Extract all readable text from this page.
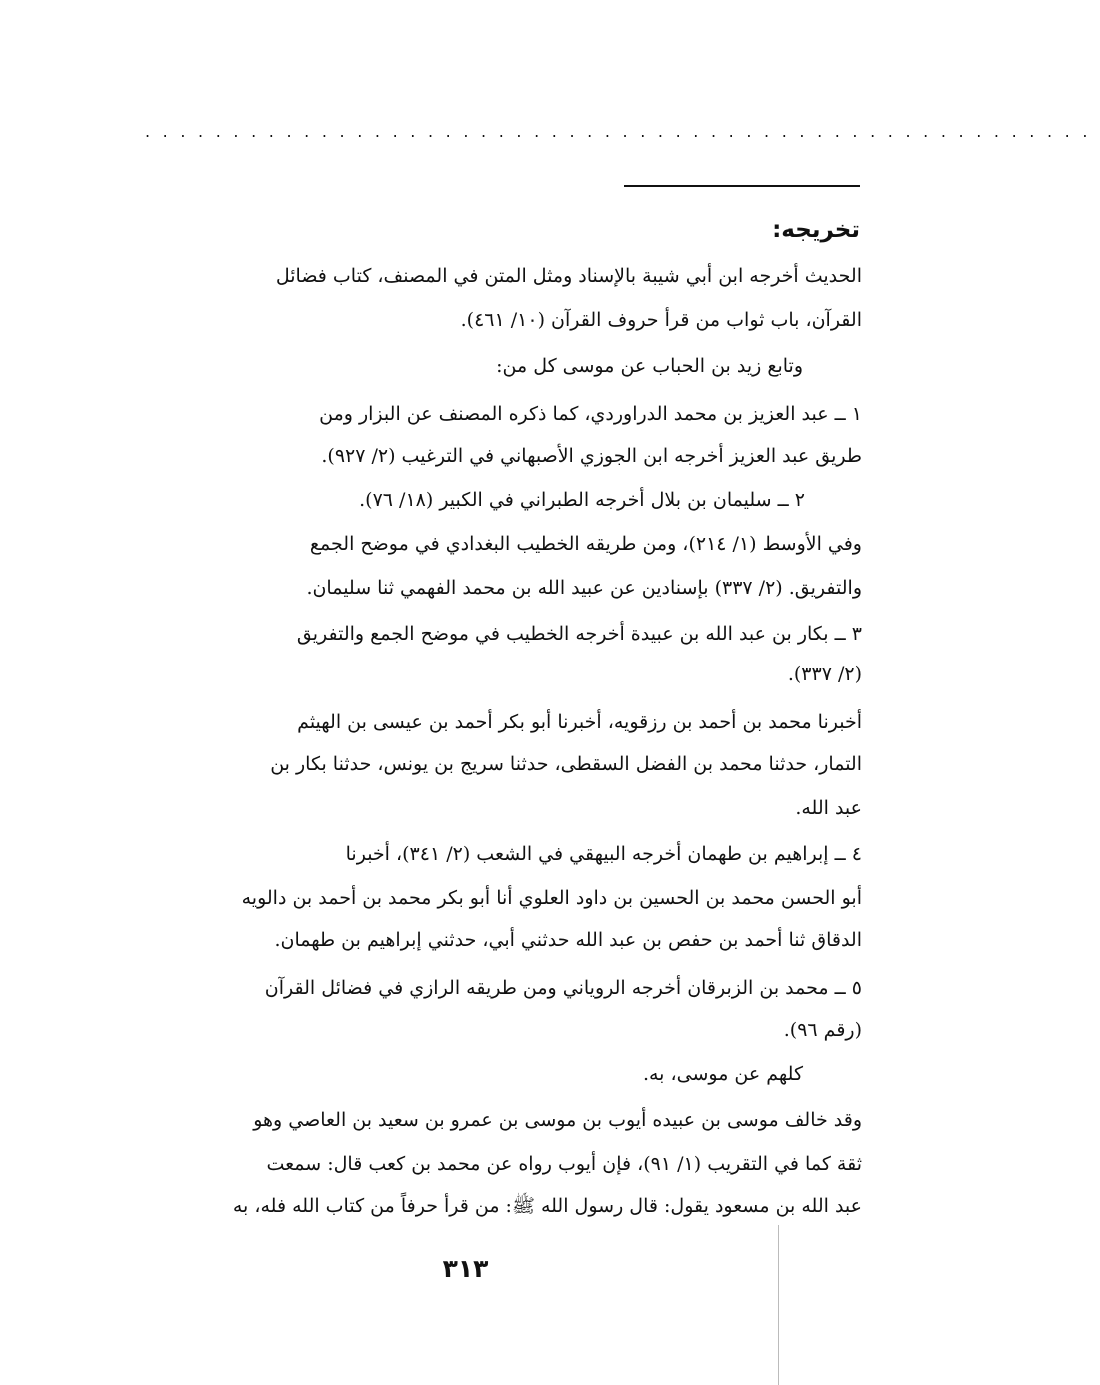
......................................................
تخريجه:
الحديث أخرجه ابن أبي شيبة بالإسناد ومثل المتن في المصنف، كتاب فضائل
القرآن، باب ثواب من قرأ حروف القرآن (١٠/ ٤٦١).
وتابع زيد بن الحباب عن موسى كل من:
١ ــ عبد العزيز بن محمد الدراوردي، كما ذكره المصنف عن البزار ومن
طريق عبد العزيز أخرجه ابن الجوزي الأصبهاني في الترغيب (٢/ ٩٢٧).
٢ ــ سليمان بن بلال أخرجه الطبراني في الكبير (١٨/ ٧٦).
وفي الأوسط (١/ ٢١٤)، ومن طريقه الخطيب البغدادي في موضح الجمع
والتفريق. (٢/ ٣٣٧) بإسنادين عن عبيد الله بن محمد الفهمي ثنا سليمان.
٣ ــ بكار بن عبد الله بن عبيدة أخرجه الخطيب في موضح الجمع والتفريق
(٢/ ٣٣٧).
أخبرنا محمد بن أحمد بن رزقويه، أخبرنا أبو بكر أحمد بن عيسى بن الهيثم
التمار، حدثنا محمد بن الفضل السقطى، حدثنا سريج بن يونس، حدثنا بكار بن
عبد الله.
٤ ــ إبراهيم بن طهمان أخرجه البيهقي في الشعب (٢/ ٣٤١)، أخبرنا
أبو الحسن محمد بن الحسين بن داود العلوي أنا أبو بكر محمد بن أحمد بن دالويه
الدقاق ثنا أحمد بن حفص بن عبد الله حدثني أبي، حدثني إبراهيم بن طهمان.
٥ ــ محمد بن الزبرقان أخرجه الروياني ومن طريقه الرازي في فضائل القرآن
(رقم ٩٦).
كلهم عن موسى، به.
وقد خالف موسى بن عبيده أيوب بن موسى بن عمرو بن سعيد بن العاصي وهو
ثقة كما في التقريب (١/ ٩١)، فإن أيوب رواه عن محمد بن كعب قال: سمعت
عبد الله بن مسعود يقول: قال رسول الله ﷺ: من قرأ حرفاً من كتاب الله فله، به
٣١٣
